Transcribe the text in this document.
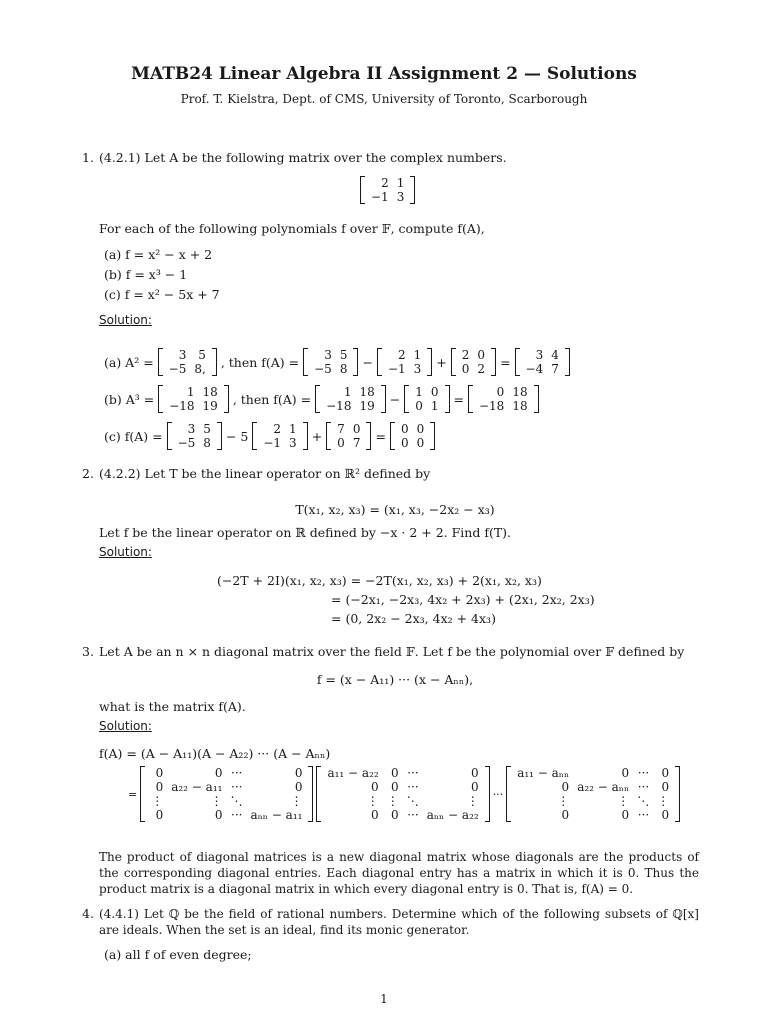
MATB24 Linear Algebra II Assignment 2 — Solutions
Prof. T. Kielstra, Dept. of CMS, University of Toronto, Scarborough
1. (4.2.1) Let A be the following matrix over the complex numbers.
2	1
−1	3
For each of the following polynomials f over 𝔽, compute f(A),
(a) f = x² − x + 2
(b) f = x³ − 1
(c) f = x² − 5x + 7
Solution:
(a) A² = 3	5
−5	8, , then f(A) = 3	5
−5	8 − 2	1
−1	3 + 2	0
0	2 = 3	4
−4	7
(b) A³ =	1	18
−18	19 , then f(A) =	1	18
−18	19 − 1	0
0	1 =	0	18
−18	18
(c) f(A) = 3	5
−5	8 − 5 2	1
−1	3 + 7	0
0	7 = 0	0
0	0
2. (4.2.2) Let T be the linear operator on ℝ² defined by
T(x₁, x₂, x₃) = (x₁, x₃, −2x₂ − x₃)
Let f be the linear operator on ℝ defined by −x · 2 + 2. Find f(T).
Solution:
(−2T + 2I)(x₁, x₂, x₃) = −2T(x₁, x₂, x₃) + 2(x₁, x₂, x₃)
= (−2x₁, −2x₃, 4x₂ + 2x₃) + (2x₁, 2x₂, 2x₃)
= (0, 2x₂ − 2x₃, 4x₂ + 4x₃)
3. Let A be an n × n diagonal matrix over the field 𝔽. Let f be the polynomial over 𝔽 defined by
f = (x − A₁₁) ··· (x − Aₙₙ),
what is the matrix f(A).
Solution:
f(A) = (A − A₁₁)(A − A₂₂) ··· (A − Aₙₙ)
=
0	0	···	0
0	a₂₂ − a₁₁	···	0
⋮	⋮	⋱	⋮
0	0	···	aₙₙ − a₁₁
a₁₁ − a₂₂	0	···	0
0	0	···	0
⋮	⋮	⋱	⋮
0	0	···	aₙₙ − a₂₂
···
a₁₁ − aₙₙ	0	···	0
0	a₂₂ − aₙₙ	···	0
⋮	⋮	⋱	⋮
0	0	···	0
The product of diagonal matrices is a new diagonal matrix whose diagonals are the products of the corresponding diagonal entries. Each diagonal entry has a matrix in which it is 0. Thus the product matrix is a diagonal matrix in which every diagonal entry is 0. That is, f(A) = 0.
4. (4.4.1) Let ℚ be the field of rational numbers. Determine which of the following subsets of ℚ[x] are ideals. When the set is an ideal, find its monic generator.
(a) all f of even degree;
1
